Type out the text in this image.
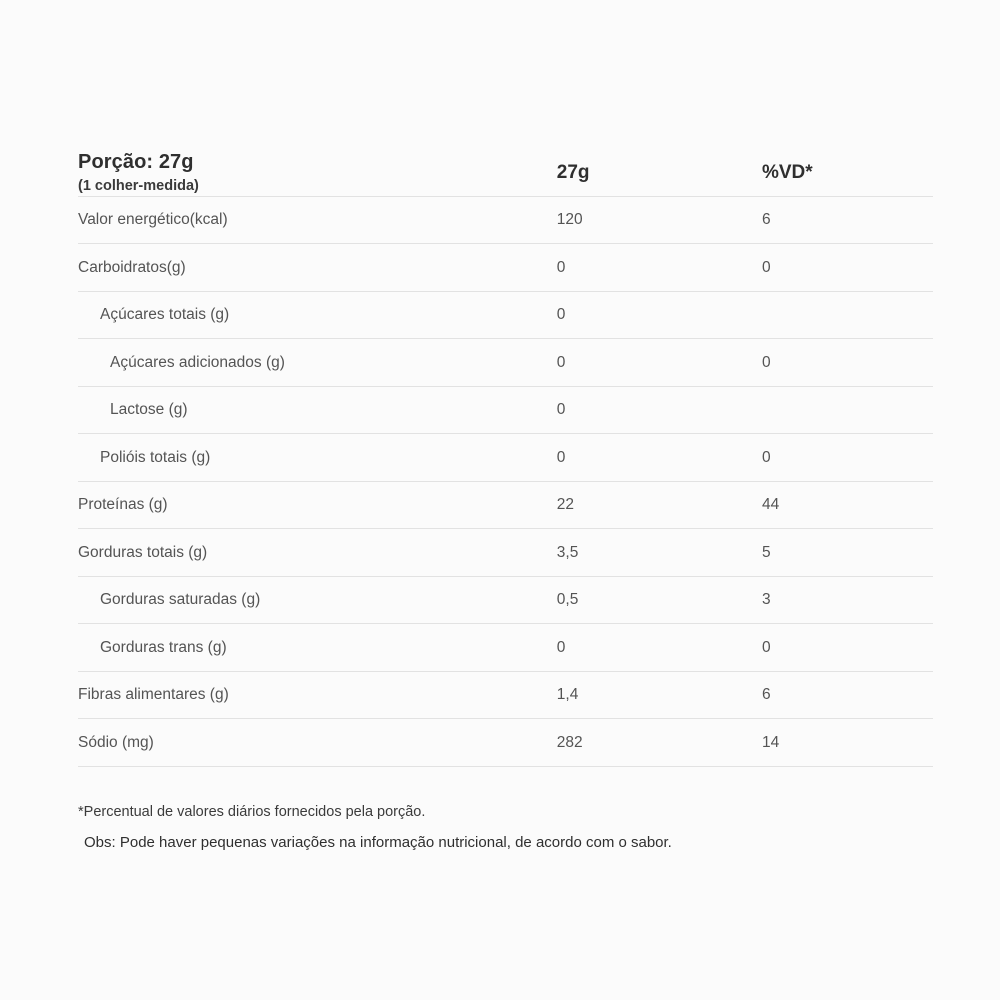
Porção: 27g
(1 colher-medida)	27g	%VD*
Valor energético(kcal)	120	6
Carboidratos(g)	0	0
Açúcares totais (g)	0	
Açúcares adicionados (g)	0	0
Lactose (g)	0	
Polióis totais (g)	0	0
Proteínas (g)	22	44
Gorduras totais (g)	3,5	5
Gorduras saturadas (g)	0,5	3
Gorduras trans (g)	0	0
Fibras alimentares (g)	1,4	6
Sódio (mg)	282	14
*Percentual de valores diários fornecidos pela porção.
Obs: Pode haver pequenas variações na informação nutricional, de acordo com o sabor.
